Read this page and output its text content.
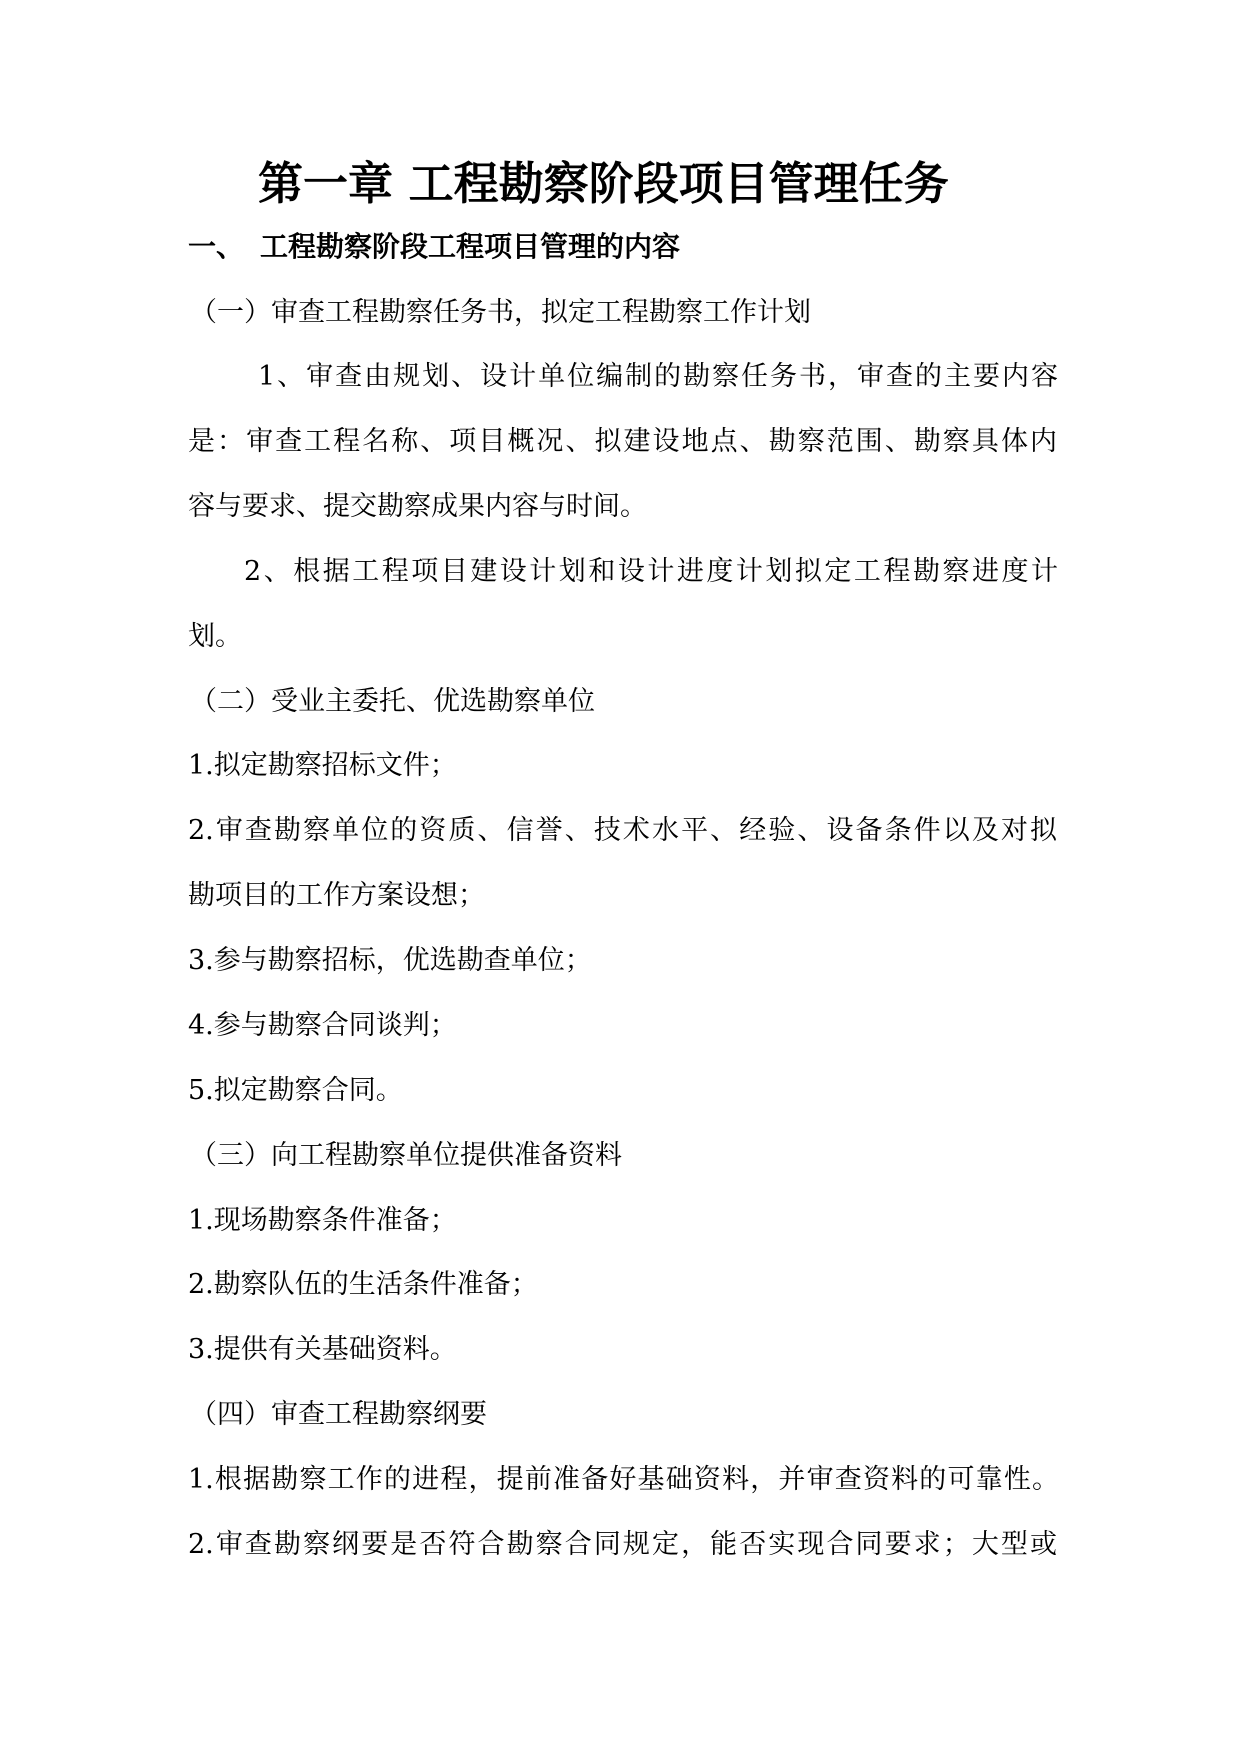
第一章 工程勘察阶段项目管理任务
一、 工程勘察阶段工程项目管理的内容

（一）审查工程勘察任务书，拟定工程勘察工作计划

1、审查由规划、设计单位编制的勘察任务书，审查的主要内容

是：审查工程名称、项目概况、拟建设地点、勘察范围、勘察具体内

容与要求、提交勘察成果内容与时间。

2、根据工程项目建设计划和设计进度计划拟定工程勘察进度计

划。

（二）受业主委托、优选勘察单位

1.拟定勘察招标文件；

2.审查勘察单位的资质、信誉、技术水平、经验、设备条件以及对拟

勘项目的工作方案设想；

3.参与勘察招标，优选勘查单位；

4.参与勘察合同谈判；

5.拟定勘察合同。

（三）向工程勘察单位提供准备资料

1.现场勘察条件准备；

2.勘察队伍的生活条件准备；

3.提供有关基础资料。

（四）审查工程勘察纲要

1.根据勘察工作的进程，提前准备好基础资料，并审查资料的可靠性。

2.审查勘察纲要是否符合勘察合同规定，能否实现合同要求；大型或
